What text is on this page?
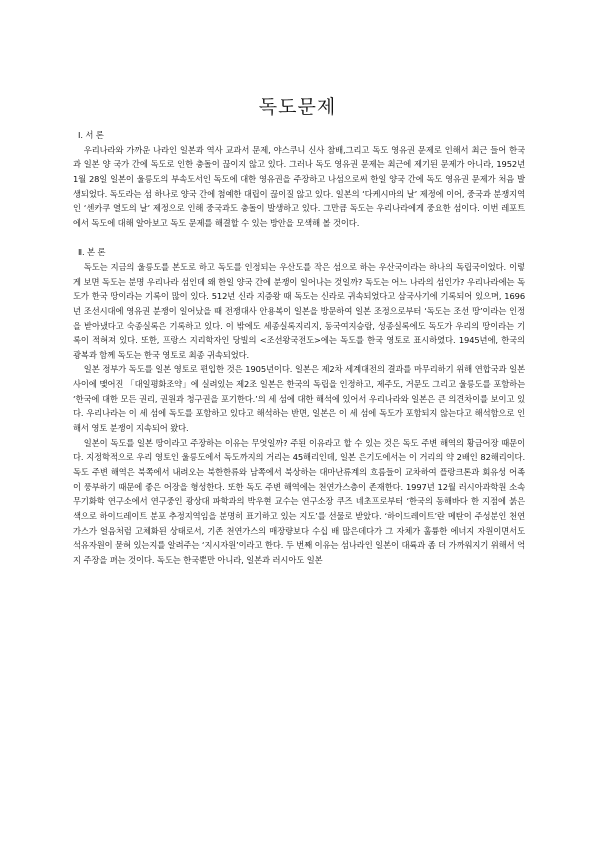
독도문제

Ⅰ. 서 론

우리나라와 가까운 나라인 일본과 역사 교과서 문제, 야스쿠니 신사 참배,그리고 독도 영유권 문제로 인해서 최근 들어 한국과 일본 양 국가 간에 독도로 인한 충돌이 끊이지 않고 있다. 그러나 독도 영유권 문제는 최근에 제기된 문제가 아니라, 1952년 1월 28일 일본이 울릉도의 부속도서인 독도에 대한 영유권을 주장하고 나섬으로써 한일 양국 간에 독도 영유권 문제가 처음 발생되었다. 독도라는 섬 하나로 양국 간에 첨예한 대립이 끊이질 않고 있다. 일본의 ‘다케시마의 날’ 제정에 이어, 중국과 분쟁지역인 ‘센카쿠 열도의 날’ 제정으로 인해 중국과도 충돌이 발생하고 있다. 그만큼 독도는 우리나라에게 중요한 섬이다. 이번 레포트에서 독도에 대해 알아보고 독도 문제를 해결할 수 있는 방안을 모색해 볼 것이다.

Ⅱ. 본 론

독도는 지금의 울릉도를 본도로 하고 독도를 인정되는 우산도를 작은 섬으로 하는 우산국이라는 하나의 독립국이었다. 이렇게 보면 독도는 분명 우리나라 섬인데 왜 한일 양국 간에 분쟁이 일어나는 것일까? 독도는 어느 나라의 섬인가? 우리나라에는 독도가 한국 땅이라는 기록이 많이 있다. 512년 신라 지증왕 때 독도는 신라로 귀속되었다고 삼국사기에 기록되어 있으며, 1696년 조선시대에 영유권 분쟁이 일어났을 때 전쟁대사 안용복이 일본을 방문하여 일본 조정으로부터 ‘독도는 조선 땅’이라는 인정을 받아냈다고 숙종실록은 기록하고 있다. 이 밖에도 세종실록지리지, 동국여지승람, 성종실록에도 독도가 우리의 땅이라는 기록이 적혀져 있다. 또한, 프랑스 지리학자인 당빌의 <조선왕국전도>에는 독도를 한국 영토로 표시하였다. 1945년에, 한국의 광복과 함께 독도는 한국 영토로 최종 귀속되었다.

일본 정부가 독도를 일본 영토로 편입한 것은 1905년이다. 일본은 제2차 세계대전의 결과를 마무리하기 위해 연합국과 일본 사이에 맺어진 「대일평화조약」에 실려있는 제2조 일본은 한국의 독립을 인정하고, 제주도, 거문도 그리고 울릉도를 포함하는 ‘한국에 대한 모든 권리, 권원과 청구권을 포기한다.’의 세 섬에 대한 해석에 있어서 우리나라와 일본은 큰 의견차이를 보이고 있다. 우리나라는 이 세 섬에 독도를 포함하고 있다고 해석하는 반면, 일본은 이 세 섬에 독도가 포함되지 않는다고 해석함으로 인해서 영토 분쟁이 지속되어 왔다.

일본이 독도를 일본 땅이라고 주장하는 이유는 무엇일까? 주된 이유라고 할 수 있는 것은 독도 주변 해역의 황금어장 때문이다. 지정학적으로 우리 영토인 울릉도에서 독도까지의 거리는 45해리인데, 일본 은기도에서는 이 거리의 약 2배인 82해리이다. 독도 주변 해역은 북쪽에서 내려오는 북한한류와 남쪽에서 북상하는 대마난류계의 흐름들이 교차하여 플랑크톤과 회유성 어족이 풍부하기 때문에 좋은 어장을 형성한다. 또한 독도 주변 해역에는 천연가스층이 존재한다. 1997년 12월 러시아과학원 소속 무기화학 연구소에서 연구중인 광상대 파학과의 박우현 교수는 연구소장 쿠즈 네초프로부터 ‘한국의 동해바다 한 지점에 붉은 색으로 하이드레이트 분포 추정지역임을 분명히 표기하고 있는 지도’를 선물로 받았다. ‘하이드레이트’란 메탄이 주성분인 천연가스가 얼음처럼 고체화된 상태로서, 기존 천연가스의 매장량보다 수십 배 많은데다가 그 자체가 훌륭한 에너지 자원이면서도 석유자원이 묻혀 있는지를 알려주는 ‘지시자원’이라고 한다. 두 번째 이유는 섬나라인 일본이 대륙과 좀 더 가까워지기 위해서 억지 주장을 펴는 것이다. 독도는 한국뿐만 아니라, 일본과 러시아도 일본
